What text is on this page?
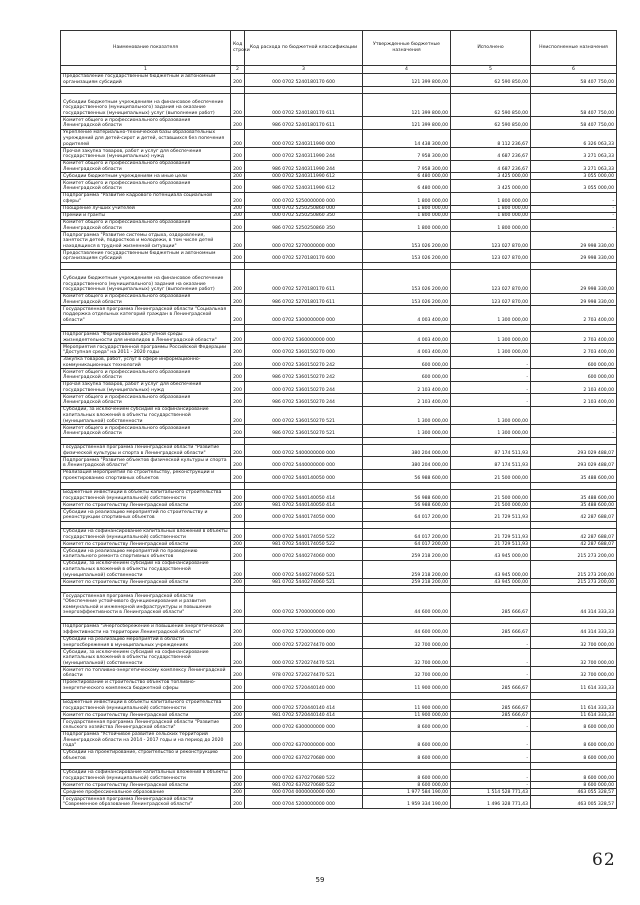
Наименование показателя	Код строки	Код расхода по бюджетной классификации	Утвержденные бюджетные назначения	Исполнено	Неисполненные назначения
1	2	3	4	5	6
Предоставление государственным бюджетным и автономным организациям субсидий	200	000 0702 5240180170 600	121 399 800,00	62 590 850,00	58 407 750,00

Субсидии бюджетным учреждениям на финансовое обеспечение государственного (муниципального) задания на оказание государственных (муниципальных) услуг (выполнение работ)	200	000 0702 5240180170 611	121 399 800,00	62 590 850,00	58 407 750,00
Комитет общего и профессионального образования Ленинградской области	200	986 0702 5240180170 611	121 399 800,00	62 590 850,00	58 407 750,00
Укрепление материально-технической базы образовательных учреждений для детей-сирот и детей, оставшихся без попечения родителей	200	000 0702 5240311990 000	14 438 300,00	8 112 236,67	6 326 063,33
Прочая закупка товаров, работ и услуг для обеспечения государственных (муниципальных) нужд	200	000 0702 5240311990 244	7 958 300,00	4 687 236,67	3 271 063,33
Комитет общего и профессионального образования Ленинградской области	200	986 0702 5240311990 244	7 958 300,00	4 687 236,67	3 271 063,33
Субсидии бюджетным учреждениям на иные цели	200	000 0702 5240311990 612	6 480 000,00	3 425 000,00	3 055 000,00
Комитет общего и профессионального образования Ленинградской области	200	986 0702 5240311990 612	6 480 000,00	3 425 000,00	3 055 000,00
Подпрограмма "Развитие кадрового потенциала социальной сферы"	200	000 0702 5250000000 000	1 800 000,00	1 800 000,00	-
Поощрение лучших учителей	200	000 0702 5250250860 000	1 800 000,00	1 800 000,00	-
Премии и гранты	200	000 0702 5250250860 350	1 800 000,00	1 800 000,00	-
Комитет общего и профессионального образования Ленинградской области	200	986 0702 5250250860 350	1 800 000,00	1 800 000,00	-
Подпрограмма "Развитие системы отдыха, оздоровления, занятости детей, подростков и молодежи, в том числе детей находящихся в трудной жизненной ситуации"	200	000 0702 5270000000 000	153 026 200,00	123 027 870,00	29 998 330,00
Предоставление государственным бюджетным и автономным организациям субсидий	200	000 0702 5270180170 600	153 026 200,00	123 027 870,00	29 998 330,00

Субсидии бюджетным учреждениям на финансовое обеспечение государственного (муниципального) задания на оказание государственных (муниципальных) услуг (выполнение работ)	200	000 0702 5270180170 611	153 026 200,00	123 027 870,00	29 998 330,00
Комитет общего и профессионального образования Ленинградской области	200	986 0702 5270180170 611	153 026 200,00	123 027 870,00	29 998 330,00
Государственная программа Ленинградской области "Социальная поддержка отдельных категорий граждан в Ленинградской области"	200	000 0702 5300000000 000	4 003 400,00	1 300 000,00	2 703 400,00

Подпрограмма "Формирование доступной среды жизнедеятельности для инвалидов в Ленинградской области"	200	000 0702 5360000000 000	4 003 400,00	1 300 000,00	2 703 400,00
Мероприятия государственной программы Российской Федерации "Доступная среда" на 2011 - 2020 годы	200	000 0702 5360150270 000	4 003 400,00	1 300 000,00	2 703 400,00
Закупка товаров, работ, услуг в сфере информационно-коммуникационных технологий	200	000 0702 5360150270 242	600 000,00	-	600 000,00
Комитет общего и профессионального образования Ленинградской области	200	986 0702 5360150270 242	600 000,00	-	600 000,00
Прочая закупка товаров, работ и услуг для обеспечения государственных (муниципальных) нужд	200	000 0702 5360150270 244	2 103 400,00	-	2 103 400,00
Комитет общего и профессионального образования Ленинградской области	200	986 0702 5360150270 244	2 103 400,00	-	2 103 400,00
Субсидии, за исключением субсидий на софинансирование капитальных вложений в объекты государственной (муниципальной) собственности	200	000 0702 5360150270 521	1 300 000,00	1 300 000,00	-
Комитет общего и профессионального образования Ленинградской области	200	986 0702 5360150270 521	1 300 000,00	1 300 000,00	-

Государственная программа Ленинградской области "Развитие физической культуры и спорта в Ленинградской области"	200	000 0702 5400000000 000	380 204 000,00	87 174 511,93	293 029 488,07
Подпрограмма "Развитие объектов физической культуры и спорта в Ленинградской области"	200	000 0702 5440000000 000	380 204 000,00	87 174 511,93	293 029 488,07
Реализация мероприятий по строительству, реконструкции и проектированию спортивных объектов	200	000 0702 5440140050 000	56 988 600,00	21 500 000,00	35 488 600,00

Бюджетные инвестиции в объекты капитального строительства государственной (муниципальной) собственности	200	000 0702 5440140050 414	56 988 600,00	21 500 000,00	35 488 600,00
Комитет по строительству Ленинградской области	200	981 0702 5440140050 414	56 988 600,00	21 500 000,00	35 488 600,00
Субсидии на реализацию мероприятий по строительству и реконструкции спортивных объектов	200	000 0702 5440174050 000	64 017 200,00	21 729 511,93	42 287 688,07

Субсидии на софинансирование капитальных вложений в объекты государственной (муниципальной) собственности	200	000 0702 5440174050 522	64 017 200,00	21 729 511,93	42 287 688,07
Комитет по строительству Ленинградской области	200	981 0702 5440174050 522	64 017 200,00	21 729 511,93	42 287 688,07
Субсидии на реализацию мероприятий по проведению капитального ремонта спортивных объектов	200	000 0702 5440274060 000	259 218 200,00	43 945 000,00	215 273 200,00
Субсидии, за исключением субсидий на софинансирование капитальных вложений в объекты государственной (муниципальной) собственности	200	000 0702 5440274060 521	259 218 200,00	43 945 000,00	215 273 200,00
Комитет по строительству Ленинградской области	200	981 0702 5440274060 521	259 218 200,00	43 945 000,00	215 273 200,00

Государственная программа Ленинградской области "Обеспечение устойчивого функционирования и развития коммунальной и инженерной инфраструктуры и повышение энергоэффективности в Ленинградской области"	200	000 0702 5700000000 000	44 600 000,00	285 666,67	44 314 333,33

Подпрограмма "Энергосбережение и повышение энергетической эффективности на территории Ленинградской области"	200	000 0702 5720000000 000	44 600 000,00	285 666,67	44 314 333,33
Субсидии на реализацию мероприятий в области энергосбережения в муниципальных учреждениях	200	000 0702 5720274470 000	32 700 000,00	-	32 700 000,00
Субсидии, за исключением субсидий на софинансирование капитальных вложений в объекты государственной (муниципальной) собственности	200	000 0702 5720274470 521	32 700 000,00	-	32 700 000,00
Комитет по топливно-энергетическому комплексу Ленинградской области	200	978 0702 5720274470 521	32 700 000,00	-	32 700 000,00
Проектирование и строительство объектов топливно-энергетического комплекса бюджетной сферы	200	000 0702 5720440140 000	11 900 000,00	285 666,67	11 614 333,33

Бюджетные инвестиции в объекты капитального строительства государственной (муниципальной) собственности	200	000 0702 5720440140 414	11 900 000,00	285 666,67	11 614 333,33
Комитет по строительству Ленинградской области	200	981 0702 5720440140 414	11 900 000,00	285 666,67	11 614 333,33
Государственная программа Ленинградской области "Развитие сельского хозяйства Ленинградской области"	200	000 0702 6300000000 000	8 600 000,00	-	8 600 000,00
Подпрограмма "Устойчивое развитие сельских территорий Ленинградской области на 2014 - 2017 годы и на период до 2020 года"	200	000 0702 6370000000 000	8 600 000,00	-	8 600 000,00
Субсидии на проектирование, строительство и реконструкцию объектов	200	000 0702 6370270680 000	8 600 000,00	-	8 600 000,00

Субсидии на софинансирование капитальных вложений в объекты государственной (муниципальной) собственности	200	000 0702 6370270680 522	8 600 000,00	-	8 600 000,00
Комитет по строительству Ленинградской области	200	981 0702 6370270680 522	8 600 000,00	-	8 600 000,00
Среднее профессиональное образование	200	000 0704 0000000000 000	1 977 584 190,00	1 514 528 771,43	463 055 328,57
Государственная программа Ленинградской области "Современное образование Ленинградской области"	200	000 0704 5200000000 000	1 959 334 190,00	1 496 328 771,43	463 005 328,57
62
59
